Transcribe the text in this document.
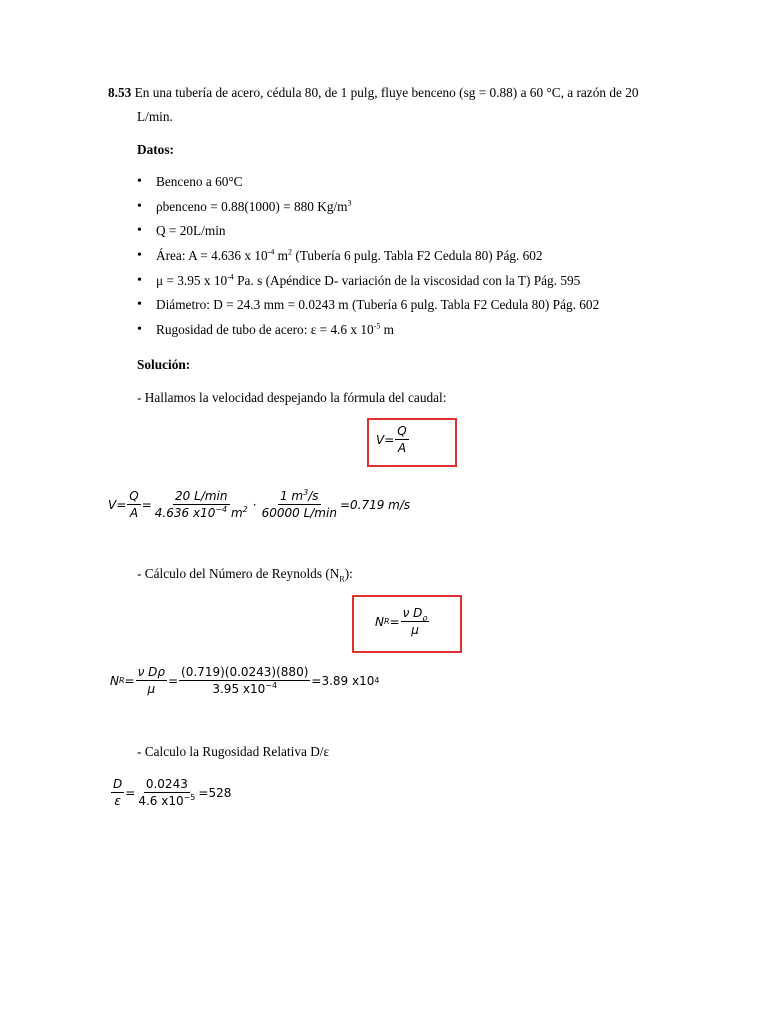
8.53 En una tubería de acero, cédula 80, de 1 pulg, fluye benceno (sg = 0.88) a 60 °C, a razón de 20
L/min.
Datos:
• Benceno a 60°C
• ρbenceno = 0.88(1000) = 880 $Kg/m^3$
• Q = 20L/min
• Área: A = 4.636 x $10^{-4}$ $m^2$ (Tubería 6 pulg. Tabla F2 Cedula 80) Pág. 602
• μ = 3.95 x $10^{-4}$ Pa. s (Apéndice D- variación de la viscosidad con la T) Pág. 595
• Diámetro: D = 24.3 mm = 0.0243 m (Tubería 6 pulg. Tabla F2 Cedula 80) Pág. 602
• Rugosidad de tubo de acero: ε = 4.6 x $10^{-5}$ m
Solución:
- Hallamos la velocidad despejando la fórmula del caudal:
$V = \frac{Q}{A}$
$V = \frac{Q}{A} = \frac{20 L/\min}{4.636 x10^{-4} m^2} \cdot \frac{1 m^3/s}{60000 L/\min} = 0.719$ m/s
- Cálculo del Número de Reynolds $(N_R)$:
N $R = \frac{\nu D_\rho}{\mu}$
N $R = \frac{\text{ν Dρ}}{\mu} = \frac{(0.719)(0.0243)(880)}{3.95 x10^{-4}} = 3.89$ x10 4
- Calculo la Rugosidad Relativa D/ε
$\frac{D}{\varepsilon} = \frac{0.0243}{4.6 x10^{-5}} = 528$
